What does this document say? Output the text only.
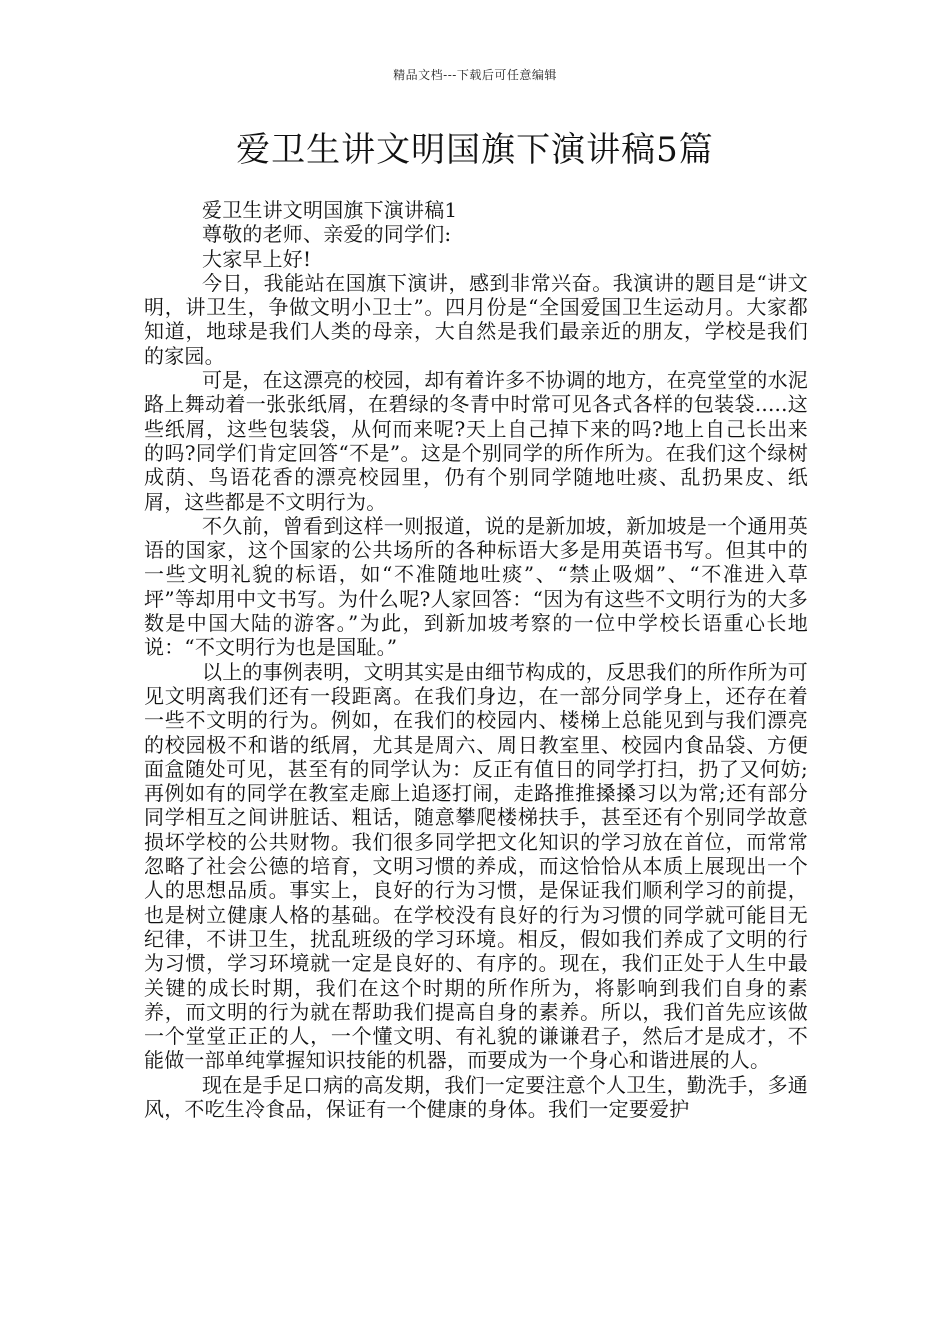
精品文档---下载后可任意编辑
爱卫生讲文明国旗下演讲稿5篇

爱卫生讲文明国旗下演讲稿1

尊敬的老师、亲爱的同学们:

大家早上好!

今日，我能站在国旗下演讲，感到非常兴奋。我演讲的题目是“讲文明，讲卫生，争做文明小卫士”。四月份是“全国爱国卫生运动月。大家都知道，地球是我们人类的母亲，大自然是我们最亲近的朋友，学校是我们的家园。

可是，在这漂亮的校园，却有着许多不协调的地方，在亮堂堂的水泥路上舞动着一张张纸屑，在碧绿的冬青中时常可见各式各样的包装袋.....这些纸屑，这些包装袋，从何而来呢?天上自己掉下来的吗?地上自己长出来的吗?同学们肯定回答“不是”。这是个别同学的所作所为。在我们这个绿树成荫、鸟语花香的漂亮校园里，仍有个别同学随地吐痰、乱扔果皮、纸屑，这些都是不文明行为。

不久前，曾看到这样一则报道，说的是新加坡，新加坡是一个通用英语的国家，这个国家的公共场所的各种标语大多是用英语书写。但其中的一些文明礼貌的标语，如“不准随地吐痰”、“禁止吸烟”、“不准进入草坪”等却用中文书写。为什么呢?人家回答：“因为有这些不文明行为的大多数是中国大陆的游客。”为此，到新加坡考察的一位中学校长语重心长地说：“不文明行为也是国耻。”

以上的事例表明，文明其实是由细节构成的，反思我们的所作所为可见文明离我们还有一段距离。在我们身边，在一部分同学身上，还存在着一些不文明的行为。例如，在我们的校园内、楼梯上总能见到与我们漂亮的校园极不和谐的纸屑，尤其是周六、周日教室里、校园内食品袋、方便面盒随处可见，甚至有的同学认为：反正有值日的同学打扫，扔了又何妨;再例如有的同学在教室走廊上追逐打闹，走路推推搡搡习以为常;还有部分同学相互之间讲脏话、粗话，随意攀爬楼梯扶手，甚至还有个别同学故意损坏学校的公共财物。我们很多同学把文化知识的学习放在首位，而常常忽略了社会公德的培育，文明习惯的养成，而这恰恰从本质上展现出一个人的思想品质。事实上，良好的行为习惯，是保证我们顺利学习的前提，也是树立健康人格的基础。在学校没有良好的行为习惯的同学就可能目无纪律，不讲卫生，扰乱班级的学习环境。相反，假如我们养成了文明的行为习惯，学习环境就一定是良好的、有序的。现在，我们正处于人生中最关键的成长时期，我们在这个时期的所作所为，将影响到我们自身的素养，而文明的行为就在帮助我们提高自身的素养。所以，我们首先应该做一个堂堂正正的人，一个懂文明、有礼貌的谦谦君子，然后才是成才，不能做一部单纯掌握知识技能的机器，而要成为一个身心和谐进展的人。

现在是手足口病的高发期，我们一定要注意个人卫生，勤洗手，多通风，不吃生冷食品，保证有一个健康的身体。我们一定要爱护
